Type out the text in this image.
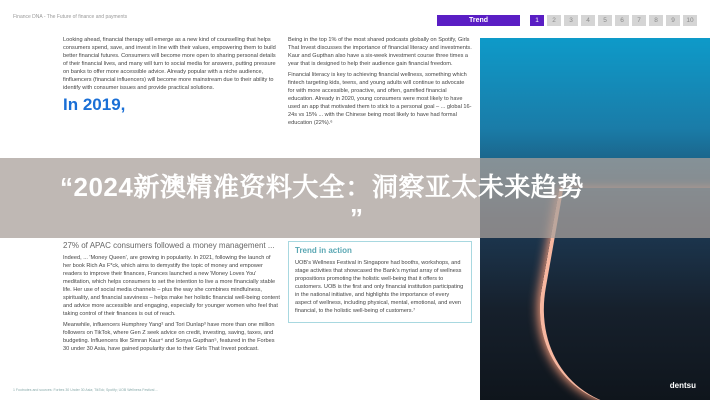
Finance DNA - The Future of finance and payments	Trend	1	2	3	4	5	6	7	8	9	10

Looking ahead, financial therapy will emerge as a new kind of counselling that helps consumers spend, save, and invest in line with their values, empowering them to build better financial futures. Consumers will become more open to sharing personal details of their financial lives, and many will turn to social media for answers, putting pressure on banks to offer more accessible advice. Already popular with a niche audience, finfluencers (financial influencers) will become more mainstream due to their ability to identify with consumer issues and provide practical solutions.

In 2019,
27% of APAC consumers followed a money management ...

Indeed, ... 'Money Queen', are growing in popularity. In 2021, following the launch of her book Rich As F*ck, which aims to demystify the topic of money and empower readers to improve their finances, Frances launched a new 'Money Loves You' meditation, which helps consumers to set the intention to live a more financially stable life. Her use of social media channels – plus the way she combines mindfulness, spirituality, and financial savviness – helps make her holistic financial well-being content and advice more accessible and engaging, especially for younger women who feel that taking control of their finances is out of reach.

Meanwhile, influencers Humphrey Yang² and Tori Dunlap³ have more than one million followers on TikTok, where Gen Z seek advice on credit, investing, saving, taxes, and budgeting. Influencers like Simran Kaur⁴ and Sonya Gupthan⁵, featured in the Forbes 30 under 30 Asia, have gained popularity due to their Girls That Invest podcast.

Being in the top 1% of the most shared podcasts globally on Spotify, Girls That Invest discusses the importance of financial literacy and investments. Kaur and Gupthan also have a six-week investment course three times a year that is designed to help their audience gain financial freedom.

Financial literacy is key to achieving financial wellness, something which fintech targeting kids, teens, and young adults will continue to advocate for with more accessible, proactive, and often, gamified financial education. Already in 2020, young consumers were most likely to have used an app that motivated them to stick to a personal goal – ... global 16-24s vs 15% ... with the Chinese being most likely to have had formal education (22%).⁶

Trend in action

UOB's Wellness Festival in Singapore had booths, workshops, and stage activities that showcased the Bank's myriad array of wellness propositions promoting the holistic well-being that it offers to customers. UOB is the first and only financial institution participating in the national initiative, and highlights the importance of every aspect of wellness, including physical, mental, emotional, and even financial, to the holistic well-being of customers.⁷

dentsu
1 Footnotes and sources: Forbes 30 Under 30 Asia; TikTok; Spotify; UOB Wellness Festival ...
“2024新澳精准资料大全：洞察亚太未来趋势
”
